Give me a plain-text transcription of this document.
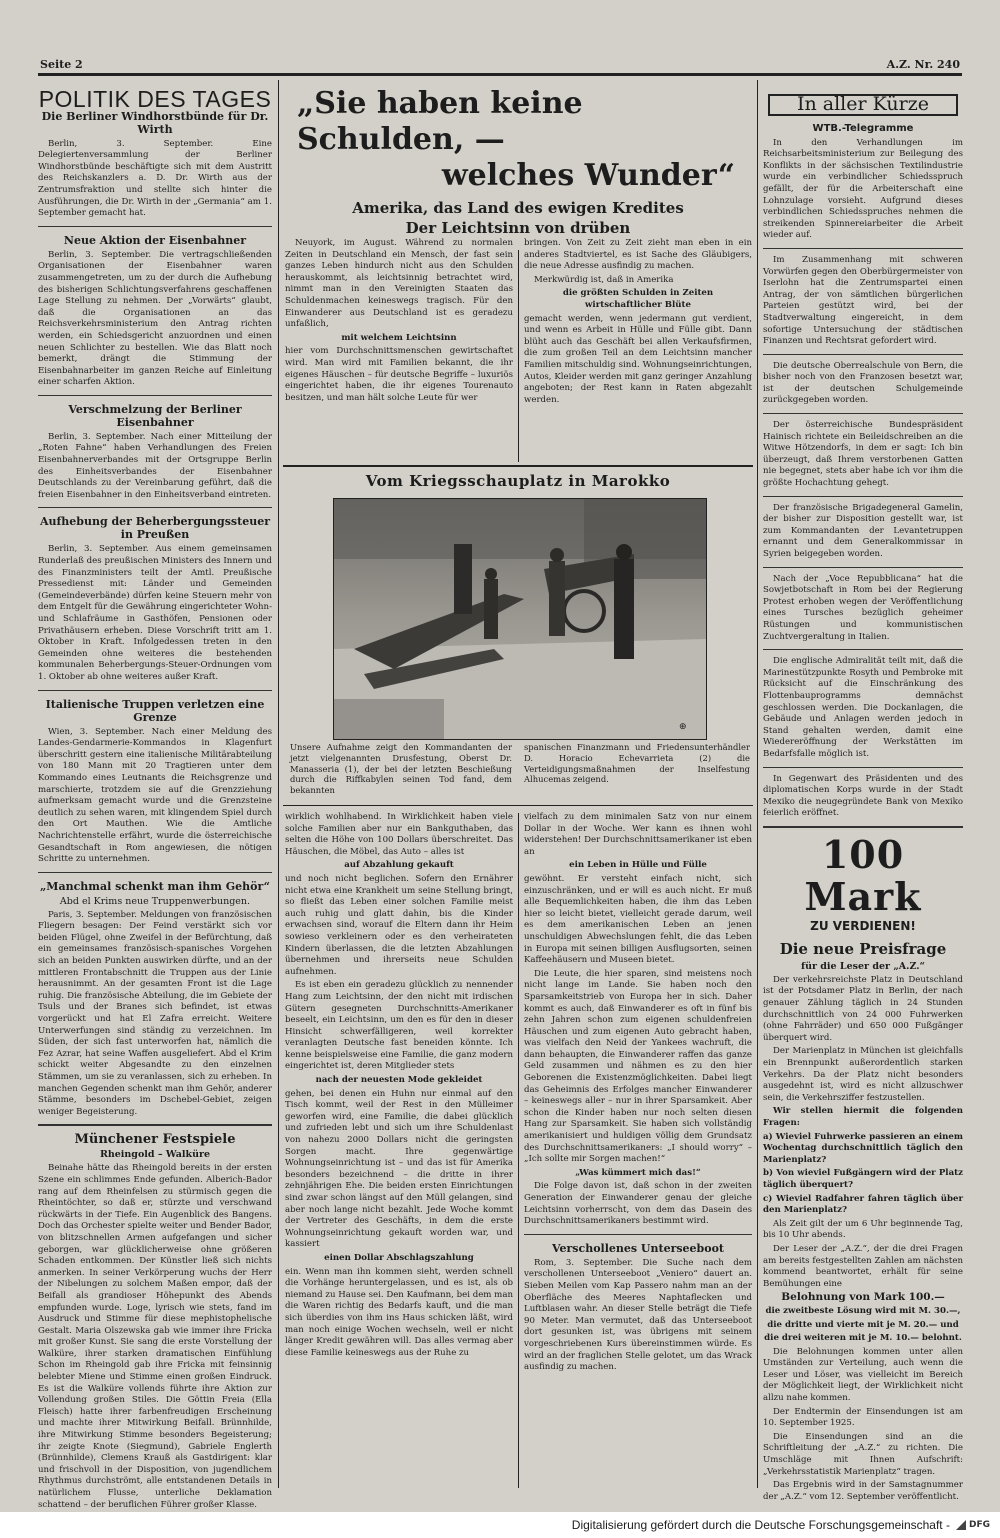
Seite 2	A.Z. Nr. 240
POLITIK DES TAGES
Die Berliner Windhorstbünde für Dr. Wirth

Berlin, 3. September. Eine Delegiertenversammlung der Berliner Windhorstbünde beschäftigte sich mit dem Austritt des Reichskanzlers a. D. Dr. Wirth aus der Zentrumsfraktion und stellte sich hinter die Ausführungen, die Dr. Wirth in der „Germania“ am 1. September gemacht hat.

Neue Aktion der Eisenbahner

Berlin, 3. September. Die vertragschließenden Organisationen der Eisenbahner waren zusammengetreten, um zu der durch die Aufhebung des bisherigen Schlichtungsverfahrens geschaffenen Lage Stellung zu nehmen. Der „Vorwärts“ glaubt, daß die Organisationen an das Reichsverkehrsministerium den Antrag richten werden, ein Schiedsgericht anzuordnen und einen neuen Schlichter zu bestellen. Wie das Blatt noch bemerkt, drängt die Stimmung der Eisenbahnarbeiter im ganzen Reiche auf Einleitung einer scharfen Aktion.

Verschmelzung der Berliner Eisenbahner

Berlin, 3. September. Nach einer Mitteilung der „Roten Fahne“ haben Verhandlungen des Freien Eisenbahnerverbandes mit der Ortsgruppe Berlin des Einheitsverbandes der Eisenbahner Deutschlands zu der Vereinbarung geführt, daß die freien Eisenbahner in den Einheitsverband eintreten.

Aufhebung der Beherbergungssteuer in Preußen

Berlin, 3. September. Aus einem gemeinsamen Runderlaß des preußischen Ministers des Innern und des Finanzministers teilt der Amtl. Preußische Pressedienst mit: Länder und Gemeinden (Gemeindeverbände) dürfen keine Steuern mehr von dem Entgelt für die Gewährung eingerichteter Wohn- und Schlafräume in Gasthöfen, Pensionen oder Privathäusern erheben. Diese Vorschrift tritt am 1. Oktober in Kraft. Infolgedessen treten in den Gemeinden ohne weiteres die bestehenden kommunalen Beherbergungs-Steuer-Ordnungen vom 1. Oktober ab ohne weiteres außer Kraft.

Italienische Truppen verletzen eine Grenze

Wien, 3. September. Nach einer Meldung des Landes-Gendarmerie-Kommandos in Klagenfurt überschritt gestern eine italienische Militärabteilung von 180 Mann mit 20 Tragtieren unter dem Kommando eines Leutnants die Reichsgrenze und marschierte, trotzdem sie auf die Grenzziehung aufmerksam gemacht wurde und die Grenzsteine deutlich zu sehen waren, mit klingendem Spiel durch den Ort Mauthen. Wie die Amtliche Nachrichtenstelle erfährt, wurde die österreichische Gesandtschaft in Rom angewiesen, die nötigen Schritte zu unternehmen.

„Manchmal schenkt man ihm Gehör“
Abd el Krims neue Truppenwerbungen.

Paris, 3. September. Meldungen von französischen Fliegern besagen: Der Feind verstärkt sich vor beiden Flügel, ohne Zweifel in der Befürchtung, daß ein gemeinsames französisch-spanisches Vorgehen sich an beiden Punkten auswirken dürfte, und an der mittleren Frontabschnitt die Truppen aus der Linie herausnimmt. An der gesamten Front ist die Lage ruhig. Die französische Abteilung, die im Gebiete der Tsuls und der Branes sich befindet, ist etwas vorgerückt und hat El Zafra erreicht. Weitere Unterwerfungen sind ständig zu verzeichnen. Im Süden, der sich fast unterworfen hat, nämlich die Fez Azrar, hat seine Waffen ausgeliefert. Abd el Krim schickt weiter Abgesandte zu den einzelnen Stämmen, um sie zu veranlassen, sich zu erheben. In manchen Gegenden schenkt man ihm Gehör, anderer Stämme, besonders im Dschebel-Gebiet, zeigen weniger Begeisterung.

Münchener Festspiele
Rheingold – Walküre

Beinahe hätte das Rheingold bereits in der ersten Szene ein schlimmes Ende gefunden. Alberich-Bador rang auf dem Rheinfelsen zu stürmisch gegen die Rheintöchter, so daß er, stürzte und verschwand rückwärts in der Tiefe. Ein Augenblick des Bangens. Doch das Orchester spielte weiter und Bender Bador, von blitzschnellen Armen aufgefangen und sicher geborgen, war glücklicherweise ohne größeren Schaden entkommen. Der Künstler ließ sich nichts anmerken. In seiner Verkörperung wuchs der Herr der Nibelungen zu solchem Maßen empor, daß der Beifall als grandioser Höhepunkt des Abends empfunden wurde. Loge, lyrisch wie stets, fand im Ausdruck und Stimme für diese mephistophelische Gestalt. Maria Olszewska gab wie immer ihre Fricka mit großer Kunst. Sie sang die erste Vorstellung der Walküre, ihrer starken dramatischen Einfühlung Schon im Rheingold gab ihre Fricka mit feinsinnig belebter Miene und Stimme einen großen Eindruck. Es ist die Walküre vollends führte ihre Aktion zur Vollendung großen Stiles. Die Göttin Freia (Ella Fleisch) hatte ihrer farbenfreudigen Erscheinung und machte ihrer Mitwirkung Beifall. Brünnhilde, ihre Mitwirkung Stimme besonders Begeisterung; ihr zeigte Knote (Siegmund), Gabriele Englerth (Brünnhilde), Clemens Krauß als Gastdirigent: klar und frischvoll in der Disposition, von jugendlichem Rhythmus durchströmt, alle entstandenen Details in natürlichem Flusse, unterliche Deklamation schattend – der beruflichen Führer großer Klasse.

„Sie haben keine Schulden, —
welches Wunder“
Amerika, das Land des ewigen Kredites
Der Leichtsinn von drüben

Neuyork, im August. Während zu normalen Zeiten in Deutschland ein Mensch, der fast sein ganzes Leben hindurch nicht aus den Schulden herauskommt, als leichtsinnig betrachtet wird, nimmt man in den Vereinigten Staaten das Schuldenmachen keineswegs tragisch. Für den Einwanderer aus Deutschland ist es geradezu unfaßlich,

mit welchem Leichtsinn

hier vom Durchschnittsmenschen gewirtschaftet wird. Man wird mit Familien bekannt, die ihr eigenes Häuschen – für deutsche Begriffe – luxuriös eingerichtet haben, die ihr eigenes Tourenauto besitzen, und man hält solche Leute für wer

bringen. Von Zeit zu Zeit zieht man eben in ein anderes Stadtviertel, es ist Sache des Gläubigers, die neue Adresse ausfindig zu machen.

Merkwürdig ist, daß in Amerika

die größten Schulden in Zeiten wirtschaftlicher Blüte

gemacht werden, wenn jedermann gut verdient, und wenn es Arbeit in Hülle und Fülle gibt. Dann blüht auch das Geschäft bei allen Verkaufsfirmen, die zum großen Teil an dem Leichtsinn mancher Familien mitschuldig sind. Wohnungseinrichtungen, Autos, Kleider werden mit ganz geringer Anzahlung angeboten; der Rest kann in Raten abgezahlt werden.

Vom Kriegsschauplatz in Marokko
⊕
Unsere Aufnahme zeigt den Kommandanten der jetzt vielgenannten Drusfestung, Oberst Dr. Manasseria (1), der bei der letzten Beschießung durch die Riffkabylen seinen Tod fand, dem bekannten
spanischen Finanzmann und Friedensunterhändler D. Horacio Echevarrieta (2) die Verteidigungsmaßnahmen der Inselfestung Alhucemas zeigend.

wirklich wohlhabend. In Wirklichkeit haben viele solche Familien aber nur ein Bankguthaben, das selten die Höhe von 100 Dollars überschreitet. Das Häuschen, die Möbel, das Auto – alles ist

auf Abzahlung gekauft

und noch nicht beglichen. Sofern den Ernährer nicht etwa eine Krankheit um seine Stellung bringt, so fließt das Leben einer solchen Familie meist auch ruhig und glatt dahin, bis die Kinder erwachsen sind, worauf die Eltern dann ihr Heim sowieso verkleinern oder es den verheirateten Kindern überlassen, die die letzten Abzahlungen übernehmen und ihrerseits neue Schulden aufnehmen.

Es ist eben ein geradezu glücklich zu nennender Hang zum Leichtsinn, der den nicht mit irdischen Gütern gesegneten Durchschnitts-Amerikaner beseelt, ein Leichtsinn, um den es für den in dieser Hinsicht schwerfälligeren, weil korrekter veranlagten Deutsche fast beneiden könnte. Ich kenne beispielsweise eine Familie, die ganz modern eingerichtet ist, deren Mitglieder stets

nach der neuesten Mode gekleidet

gehen, bei denen ein Huhn nur einmal auf den Tisch kommt, weil der Rest in den Mülleimer geworfen wird, eine Familie, die dabei glücklich und zufrieden lebt und sich um ihre Schuldenlast von nahezu 2000 Dollars nicht die geringsten Sorgen macht. Ihre gegenwärtige Wohnungseinrichtung ist – und das ist für Amerika besonders bezeichnend – die dritte in ihrer zehnjährigen Ehe. Die beiden ersten Einrichtungen sind zwar schon längst auf den Müll gelangen, sind aber noch lange nicht bezahlt. Jede Woche kommt der Vertreter des Geschäfts, in dem die erste Wohnungseinrichtung gekauft worden war, und kassiert

einen Dollar Abschlagszahlung

ein. Wenn man ihn kommen sieht, werden schnell die Vorhänge heruntergelassen, und es ist, als ob niemand zu Hause sei. Den Kaufmann, bei dem man die Waren richtig des Bedarfs kauft, und die man sich überdies von ihm ins Haus schicken läßt, wird man noch einige Wochen wechseln, weil er nicht länger Kredit gewähren will. Das alles vermag aber diese Familie keineswegs aus der Ruhe zu

vielfach zu dem minimalen Satz von nur einem Dollar in der Woche. Wer kann es ihnen wohl widerstehen! Der Durchschnittsamerikaner ist eben an

ein Leben in Hülle und Fülle

gewöhnt. Er versteht einfach nicht, sich einzuschränken, und er will es auch nicht. Er muß alle Bequemlichkeiten haben, die ihm das Leben hier so leicht bietet, vielleicht gerade darum, weil es dem amerikanischen Leben an jenen unschuldigen Abwechslungen fehlt, die das Leben in Europa mit seinen billigen Ausflugsorten, seinen Kaffeehäusern und Museen bietet.

Die Leute, die hier sparen, sind meistens noch nicht lange im Lande. Sie haben noch den Sparsamkeitstrieb von Europa her in sich. Daher kommt es auch, daß Einwanderer es oft in fünf bis zehn Jahren schon zum eigenen schuldenfreien Häuschen und zum eigenen Auto gebracht haben, was vielfach den Neid der Yankees wachruft, die dann behaupten, die Einwanderer raffen das ganze Geld zusammen und nähmen es zu den hier Geborenen die Existenzmöglichkeiten. Dabei liegt das Geheimnis des Erfolges mancher Einwanderer – keineswegs aller – nur in ihrer Sparsamkeit. Aber schon die Kinder haben nur noch selten diesen Hang zur Sparsamkeit. Sie haben sich vollständig amerikanisiert und huldigen völlig dem Grundsatz des Durchschnittsamerikaners: „I should worry“ – „Ich sollte mir Sorgen machen!“

„Was kümmert mich das!“

Die Folge davon ist, daß schon in der zweiten Generation der Einwanderer genau der gleiche Leichtsinn vorherrscht, von dem das Dasein des Durchschnittsamerikaners bestimmt wird.

Verschollenes Unterseeboot

Rom, 3. September. Die Suche nach dem verschollenen Unterseeboot „Veniero“ dauert an. Sieben Meilen vom Kap Passero nahm man an der Oberfläche des Meeres Naphtaflecken und Luftblasen wahr. An dieser Stelle beträgt die Tiefe 90 Meter. Man vermutet, daß das Unterseeboot dort gesunken ist, was übrigens mit seinem vorgeschriebenen Kurs übereinstimmen würde. Es wird an der fraglichen Stelle gelotet, um das Wrack ausfindig zu machen.

In aller Kürze
WTB.-Telegramme

In den Verhandlungen im Reichsarbeitsministerium zur Beilegung des Konflikts in der sächsischen Textilindustrie wurde ein verbindlicher Schiedsspruch gefällt, der für die Arbeiterschaft eine Lohnzulage vorsieht. Aufgrund dieses verbindlichen Schiedsspruches nehmen die streikenden Spinnereiarbeiter die Arbeit wieder auf.

Im Zusammenhang mit schweren Vorwürfen gegen den Oberbürgermeister von Iserlohn hat die Zentrumspartei einen Antrag, der von sämtlichen bürgerlichen Parteien gestützt wird, bei der Stadtverwaltung eingereicht, in dem sofortige Untersuchung der städtischen Finanzen und Rechtsrat gefordert wird.

Die deutsche Oberrealschule von Bern, die bisher noch von den Franzosen besetzt war, ist der deutschen Schulgemeinde zurückgegeben worden.

Der österreichische Bundespräsident Hainisch richtete ein Beileidschreiben an die Witwe Hötzendorfs, in dem er sagt: Ich bin überzeugt, daß Ihrem verstorbenen Gatten nie begegnet, stets aber habe ich vor ihm die größte Hochachtung gehegt.

Der französische Brigadegeneral Gamelin, der bisher zur Disposition gestellt war, ist zum Kommandanten der Levantetruppen ernannt und dem Generalkommissar in Syrien beigegeben worden.

Nach der „Voce Repubblicana“ hat die Sowjetbotschaft in Rom bei der Regierung Protest erhoben wegen der Veröffentlichung eines Tursches bezüglich geheimer Rüstungen und kommunistischen Zuchtvergeraltung in Italien.

Die englische Admiralität teilt mit, daß die Marinestützpunkte Rosyth und Pembroke mit Rücksicht auf die Einschränkung des Flottenbauprogramms demnächst geschlossen werden. Die Dockanlagen, die Gebäude und Anlagen werden jedoch in Stand gehalten werden, damit eine Wiedereröffnung der Werkstätten im Bedarfsfalle möglich ist.

In Gegenwart des Präsidenten und des diplomatischen Korps wurde in der Stadt Mexiko die neugegründete Bank von Mexiko feierlich eröffnet.

100 Mark
ZU VERDIENEN!
Die neue Preisfrage
für die Leser der „A.Z.“

Der verkehrsreichste Platz in Deutschland ist der Potsdamer Platz in Berlin, der nach genauer Zählung täglich in 24 Stunden durchschnittlich von 24 000 Fuhrwerken (ohne Fahrräder) und 650 000 Fußgänger überquert wird.

Der Marienplatz in München ist gleichfalls ein Brennpunkt außerordentlich starken Verkehrs. Da der Platz nicht besonders ausgedehnt ist, wird es nicht allzuschwer sein, die Verkehrsziffer festzustellen.

Wir stellen hiermit die folgenden Fragen:

a) Wieviel Fuhrwerke passieren an einem Wochentag durchschnittlich täglich den Marienplatz?

b) Von wieviel Fußgängern wird der Platz täglich überquert?

c) Wieviel Radfahrer fahren täglich über den Marienplatz?

Als Zeit gilt der um 6 Uhr beginnende Tag, bis 10 Uhr abends.

Der Leser der „A.Z.“, der die drei Fragen am bereits festgestellten Zahlen am nächsten kommend beantwortet, erhält für seine Bemühungen eine

Belohnung von Mark 100.—

die zweitbeste Lösung wird mit M. 30.—,

die dritte und vierte mit je M. 20.— und

die drei weiteren mit je M. 10.— belohnt.

Die Belohnungen kommen unter allen Umständen zur Verteilung, auch wenn die Leser und Löser, was vielleicht im Bereich der Möglichkeit liegt, der Wirklichkeit nicht allzu nahe kommen.

Der Endtermin der Einsendungen ist am 10. September 1925.

Die Einsendungen sind an die Schriftleitung der „A.Z.“ zu richten. Die Umschläge mit Ihnen Aufschrift: „Verkehrsstatistik Marienplatz“ tragen.

Das Ergebnis wird in der Samstagnummer der „A.Z.“ vom 12. September veröffentlicht.

Digitalisierung gefördert durch die Deutsche Forschungsgemeinschaft - DFG
